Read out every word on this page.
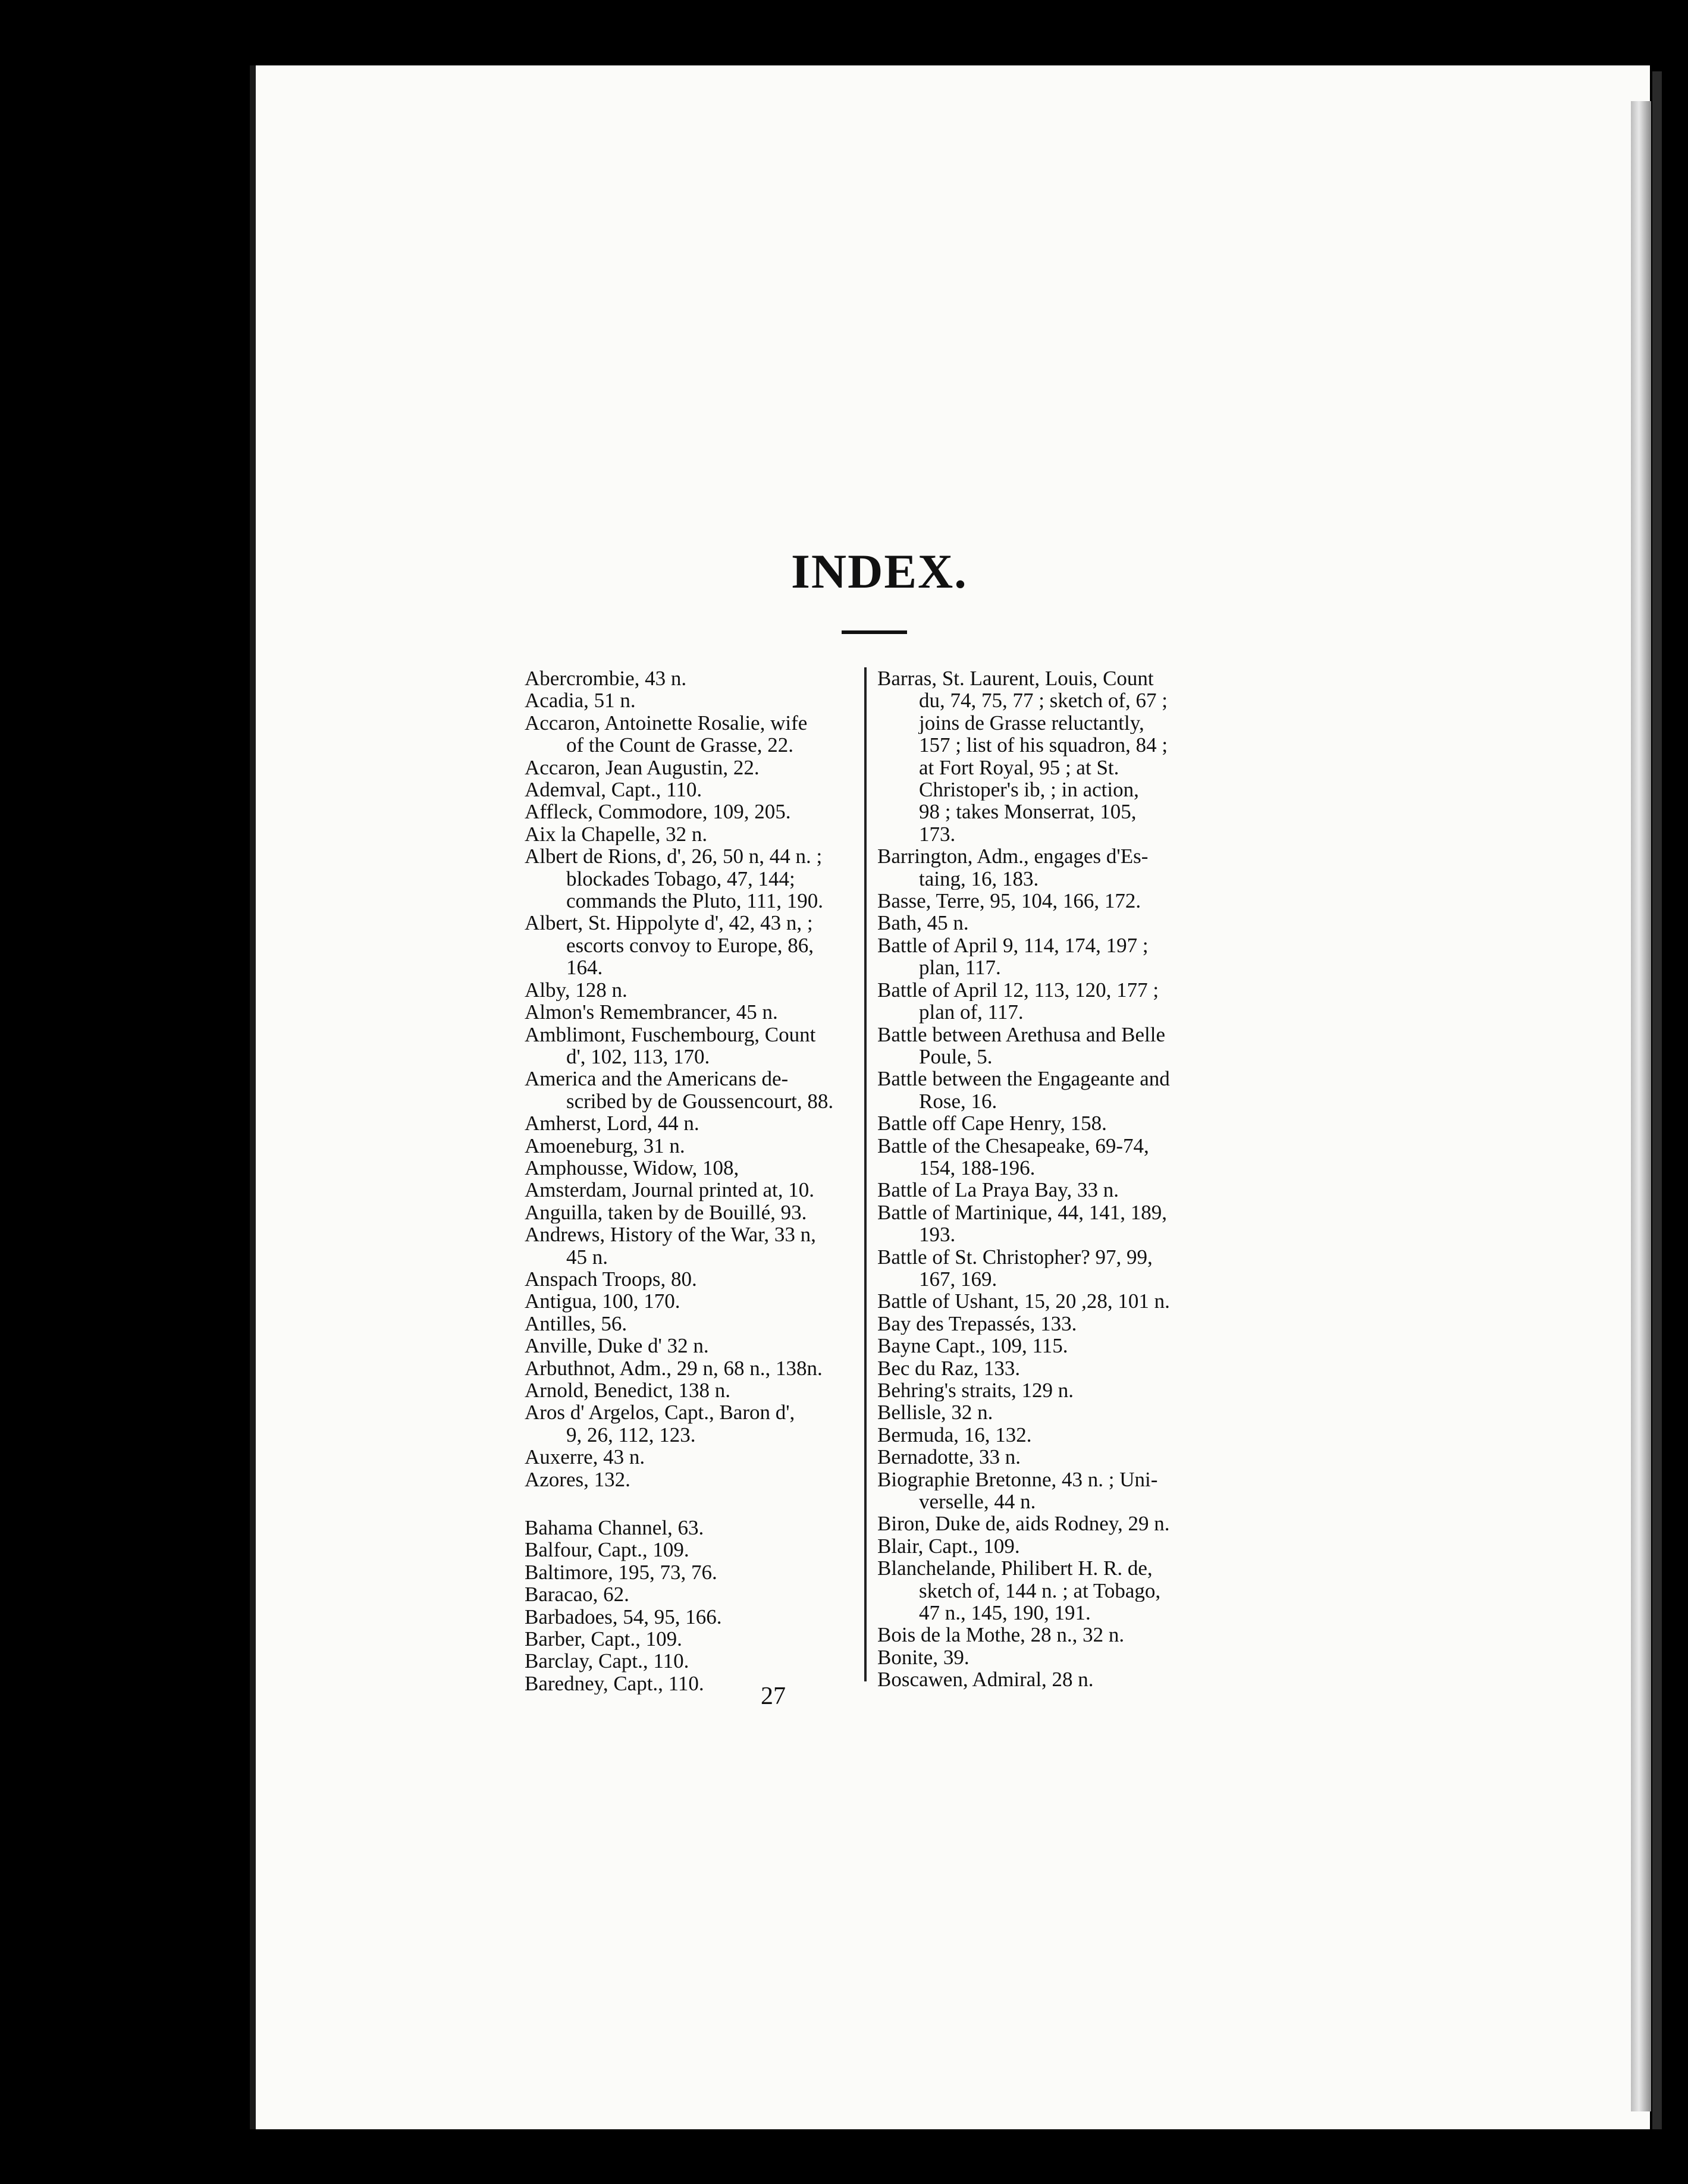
INDEX.
Abercrombie, 43 n.
Acadia, 51 n.
Accaron, Antoinette Rosalie, wife
of the Count de Grasse, 22.
Accaron, Jean Augustin, 22.
Ademval, Capt., 110.
Affleck, Commodore, 109, 205.
Aix la Chapelle, 32 n.
Albert de Rions, d', 26, 50 n, 44 n. ;
blockades Tobago, 47, 144;
commands the Pluto, 111, 190.
Albert, St. Hippolyte d', 42, 43 n, ;
escorts convoy to Europe, 86,
164.
Alby, 128 n.
Almon's Remembrancer, 45 n.
Amblimont, Fuschembourg, Count
d', 102, 113, 170.
America and the Americans de-
scribed by de Goussencourt, 88.
Amherst, Lord, 44 n.
Amoeneburg, 31 n.
Amphousse, Widow, 108,
Amsterdam, Journal printed at, 10.
Anguilla, taken by de Bouillé, 93.
Andrews, History of the War, 33 n,
45 n.
Anspach Troops, 80.
Antigua, 100, 170.
Antilles, 56.
Anville, Duke d' 32 n.
Arbuthnot, Adm., 29 n, 68 n., 138n.
Arnold, Benedict, 138 n.
Aros d' Argelos, Capt., Baron d',
9, 26, 112, 123.
Auxerre, 43 n.
Azores, 132.
Bahama Channel, 63.
Balfour, Capt., 109.
Baltimore, 195, 73, 76.
Baracao, 62.
Barbadoes, 54, 95, 166.
Barber, Capt., 109.
Barclay, Capt., 110.
Baredney, Capt., 110.
Barras, St. Laurent, Louis, Count
du, 74, 75, 77 ; sketch of, 67 ;
joins de Grasse reluctantly,
157 ; list of his squadron, 84 ;
at Fort Royal, 95 ; at St.
Christoper's ib, ; in action,
98 ; takes Monserrat, 105,
173.
Barrington, Adm., engages d'Es-
taing, 16, 183.
Basse, Terre, 95, 104, 166, 172.
Bath, 45 n.
Battle of April 9, 114, 174, 197 ;
plan, 117.
Battle of April 12, 113, 120, 177 ;
plan of, 117.
Battle between Arethusa and Belle
Poule, 5.
Battle between the Engageante and
Rose, 16.
Battle off Cape Henry, 158.
Battle of the Chesapeake, 69-74,
154, 188-196.
Battle of La Praya Bay, 33 n.
Battle of Martinique, 44, 141, 189,
193.
Battle of St. Christopher? 97, 99,
167, 169.
Battle of Ushant, 15, 20 ,28, 101 n.
Bay des Trepassés, 133.
Bayne Capt., 109, 115.
Bec du Raz, 133.
Behring's straits, 129 n.
Bellisle, 32 n.
Bermuda, 16, 132.
Bernadotte, 33 n.
Biographie Bretonne, 43 n. ; Uni-
verselle, 44 n.
Biron, Duke de, aids Rodney, 29 n.
Blair, Capt., 109.
Blanchelande, Philibert H. R. de,
sketch of, 144 n. ; at Tobago,
47 n., 145, 190, 191.
Bois de la Mothe, 28 n., 32 n.
Bonite, 39.
Boscawen, Admiral, 28 n.
27
